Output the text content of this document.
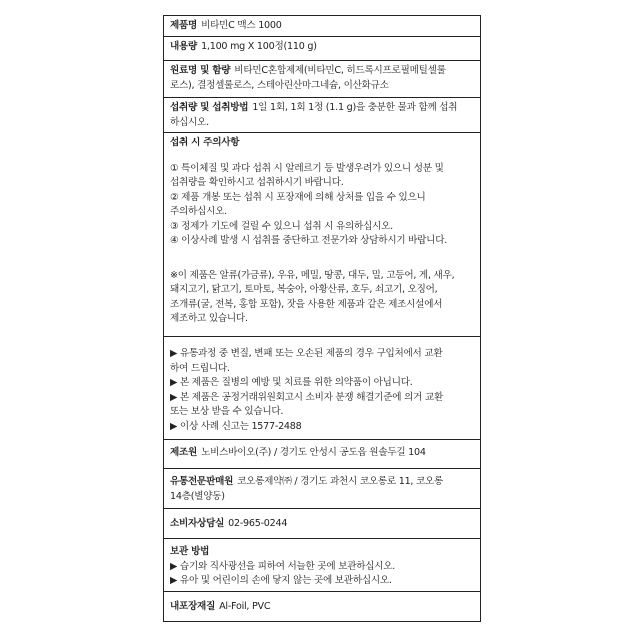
제품명 비타민C 맥스 1000
내용량 1,100 mg X 100정(110 g)
원료명 및 함량 비타민C혼합제제(비타민C, 히드록시프로필메틸셀룰
로스), 결정셀룰로스, 스테아린산마그네슘, 이산화규소
섭취량 및 섭취방법 1일 1회, 1회 1정 (1.1 g)을 충분한 물과 함께 섭취
하십시오.
섭취 시 주의사항
① 특이체질 및 과다 섭취 시 알레르기 등 발생우려가 있으니 성분 및
섭취량을 확인하시고 섭취하시기 바랍니다.
② 제품 개봉 또는 섭취 시 포장재에 의해 상처를 입을 수 있으니
주의하십시오.
③ 정제가 기도에 걸릴 수 있으니 섭취 시 유의하십시오.
④ 이상사례 발생 시 섭취를 중단하고 전문가와 상담하시기 바랍니다.
※이 제품은 알류(가금류), 우유, 메밀, 땅콩, 대두, 밀, 고등어, 게, 새우,
돼지고기, 닭고기, 토마토, 복숭아, 아황산류, 호두, 쇠고기, 오징어,
조개류(굴, 전복, 홍합 포함), 잣을 사용한 제품과 같은 제조시설에서
제조하고 있습니다.
▶ 유통과정 중 변질, 변패 또는 오손된 제품의 경우 구입처에서 교환
하여 드립니다.
▶ 본 제품은 질병의 예방 및 치료를 위한 의약품이 아닙니다.
▶ 본 제품은 공정거래위원회고시 소비자 분쟁 해결기준에 의거 교환
또는 보상 받을 수 있습니다.
▶ 이상 사례 신고는 1577-2488
제조원 노비스바이오(주) / 경기도 안성시 공도읍 원솔두길 104
유통전문판매원 코오롱제약㈜ / 경기도 과천시 코오롱로 11, 코오롱
14층(별양동)
소비자상담실 02-965-0244
보관 방법
▶ 습기와 직사광선을 피하여 서늘한 곳에 보관하십시오.
▶ 유아 및 어린이의 손에 닿지 않는 곳에 보관하십시오.
내포장재질 Al-Foil, PVC
